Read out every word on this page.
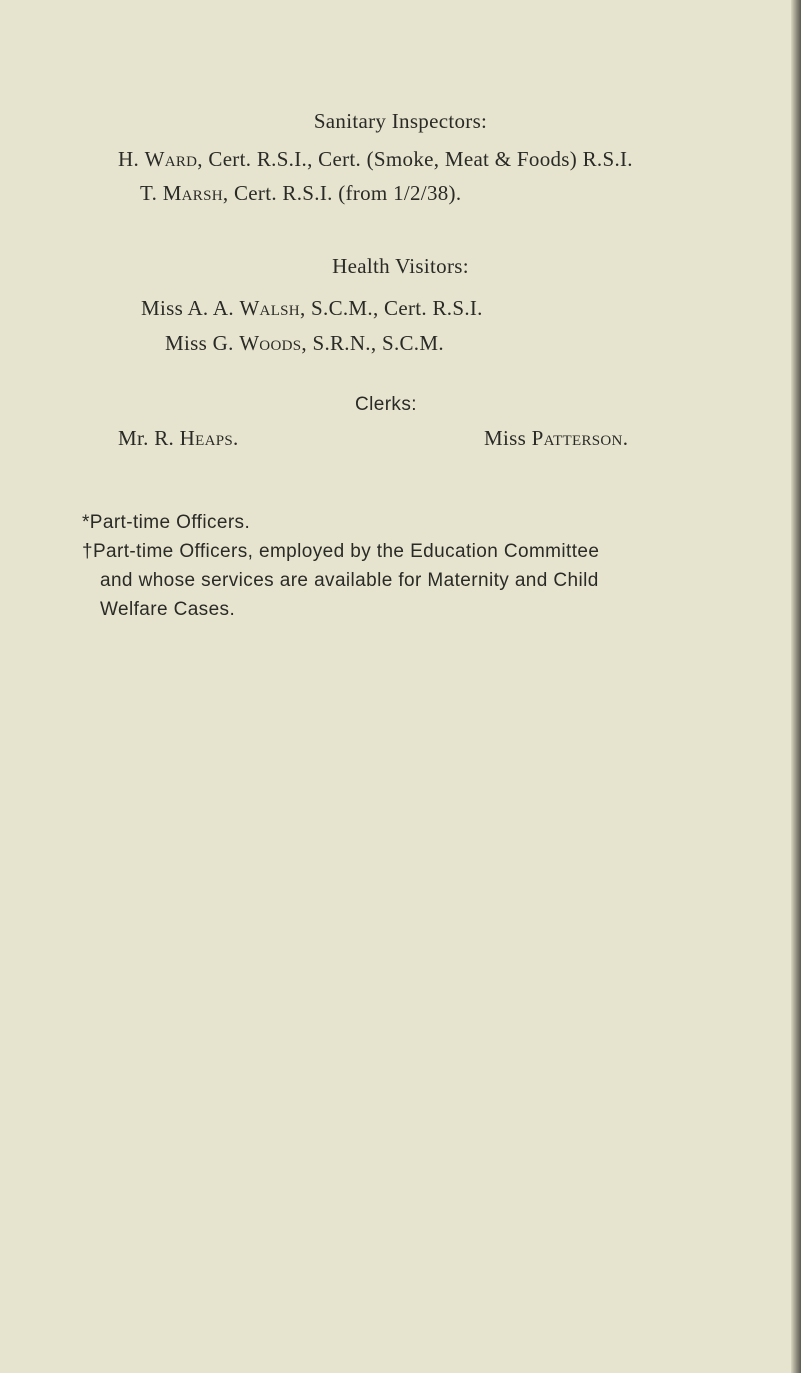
Sanitary Inspectors:
H. Ward, Cert. R.S.I., Cert. (Smoke, Meat & Foods) R.S.I.
T. Marsh, Cert. R.S.I. (from 1/2/38).
Health Visitors:
Miss A. A. Walsh, S.C.M., Cert. R.S.I.
Miss G. Woods, S.R.N., S.C.M.
Clerks:
Mr. R. Heaps.	Miss Patterson.
*Part-time Officers.
†Part-time Officers, employed by the Education Committee
and whose services are available for Maternity and Child
Welfare Cases.
